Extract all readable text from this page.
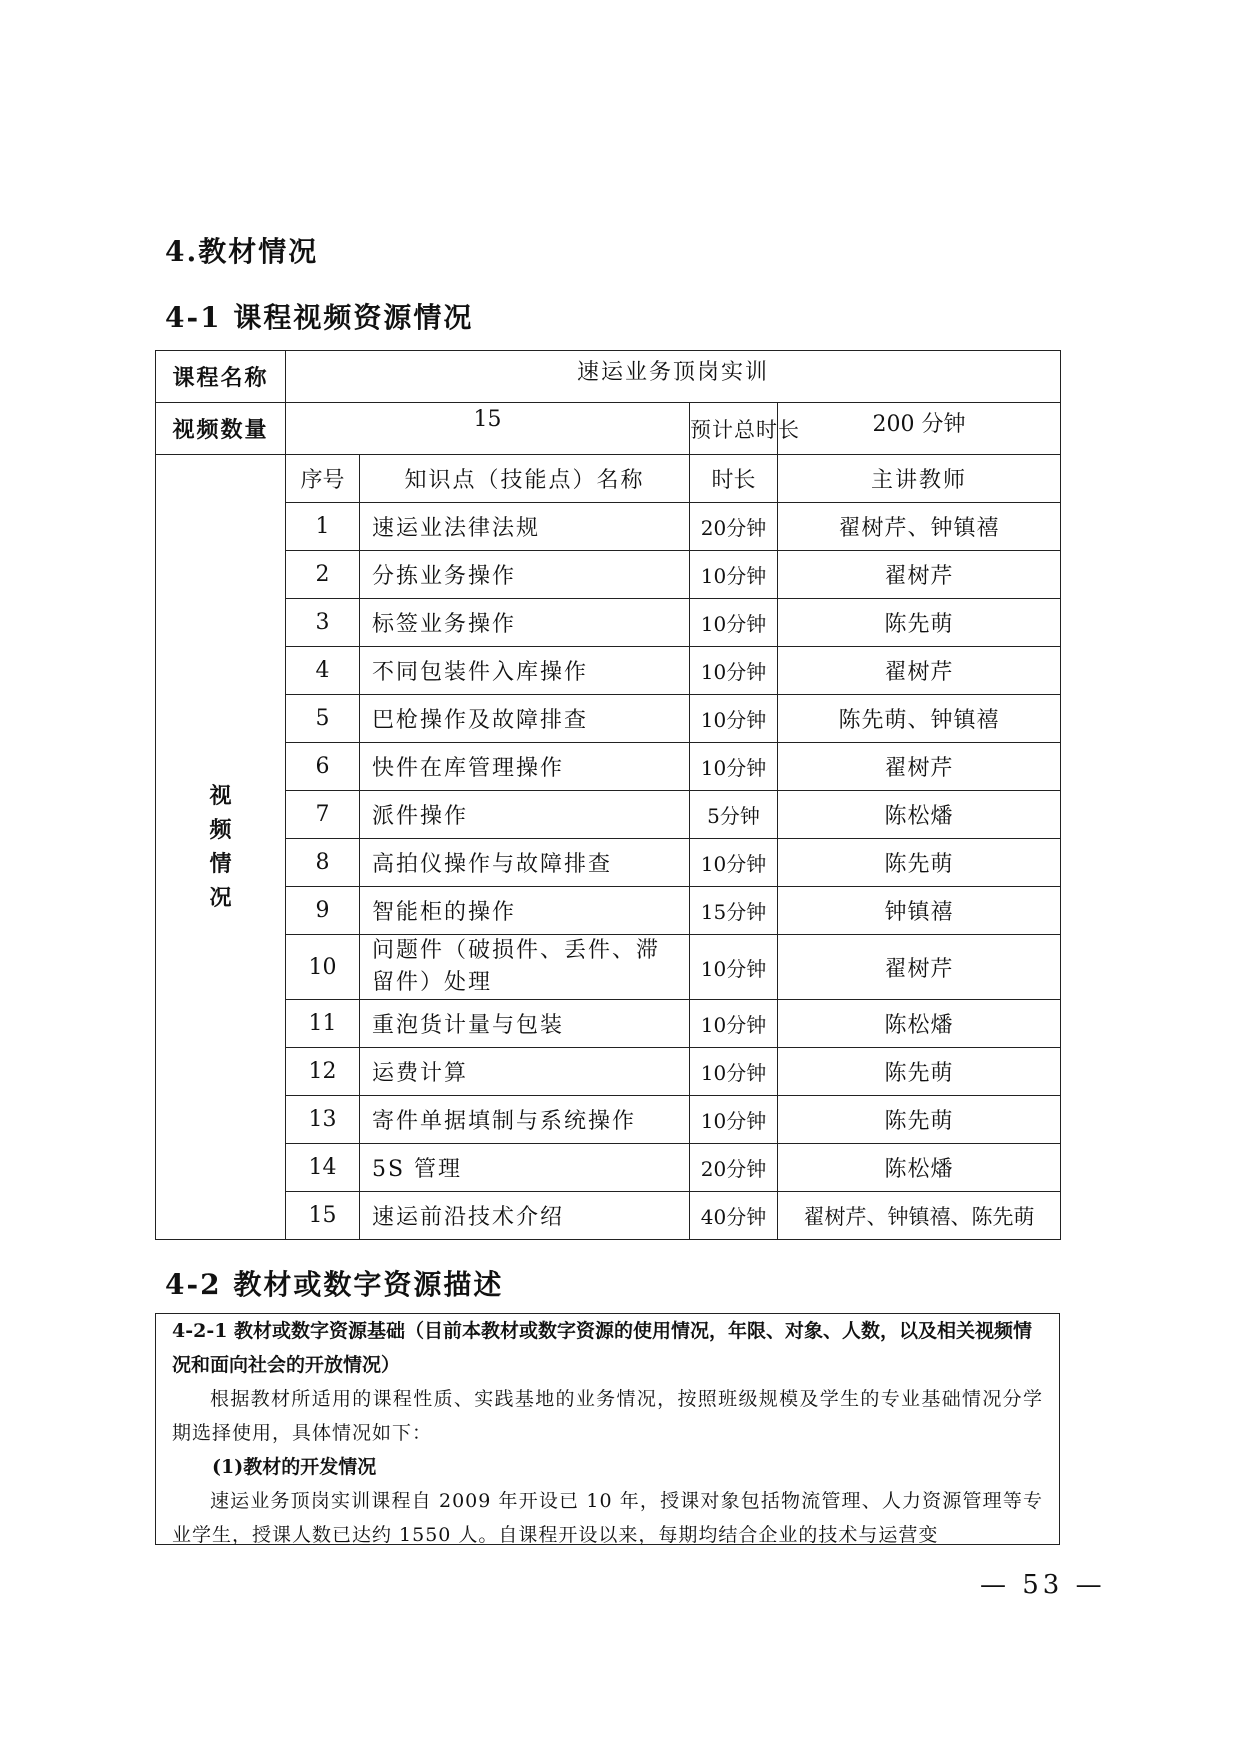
4.教材情况
4-1 课程视频资源情况
课程名称	速运业务顶岗实训			
视频数量	15		预计总时长	200 分钟
视频情况	序号	知识点（技能点）名称	时长	主讲教师
	1	速运业法律法规	20分钟	翟树芹、钟镇禧
	2	分拣业务操作	10分钟	翟树芹
	3	标签业务操作	10分钟	陈先萌
	4	不同包装件入库操作	10分钟	翟树芹
	5	巴枪操作及故障排查	10分钟	陈先萌、钟镇禧
	6	快件在库管理操作	10分钟	翟树芹
	7	派件操作	5分钟	陈松燔
	8	高拍仪操作与故障排查	10分钟	陈先萌
	9	智能柜的操作	15分钟	钟镇禧
	10	问题件（破损件、丢件、滞留件）处理	10分钟	翟树芹
	11	重泡货计量与包装	10分钟	陈松燔
	12	运费计算	10分钟	陈先萌
	13	寄件单据填制与系统操作	10分钟	陈先萌
	14	5S 管理	20分钟	陈松燔
	15	速运前沿技术介绍	40分钟	翟树芹、钟镇禧、陈先萌
4-2 教材或数字资源描述

4-2-1 教材或数字资源基础（目前本教材或数字资源的使用情况，年限、对象、人数，以及相关视频情况和面向社会的开放情况）

根据教材所适用的课程性质、实践基地的业务情况，按照班级规模及学生的专业基础情况分学期选择使用，具体情况如下：

(1)教材的开发情况

速运业务顶岗实训课程自 2009 年开设已 10 年，授课对象包括物流管理、人力资源管理等专业学生，授课人数已达约 1550 人。自课程开设以来，每期均结合企业的技术与运营变

— 53 —
